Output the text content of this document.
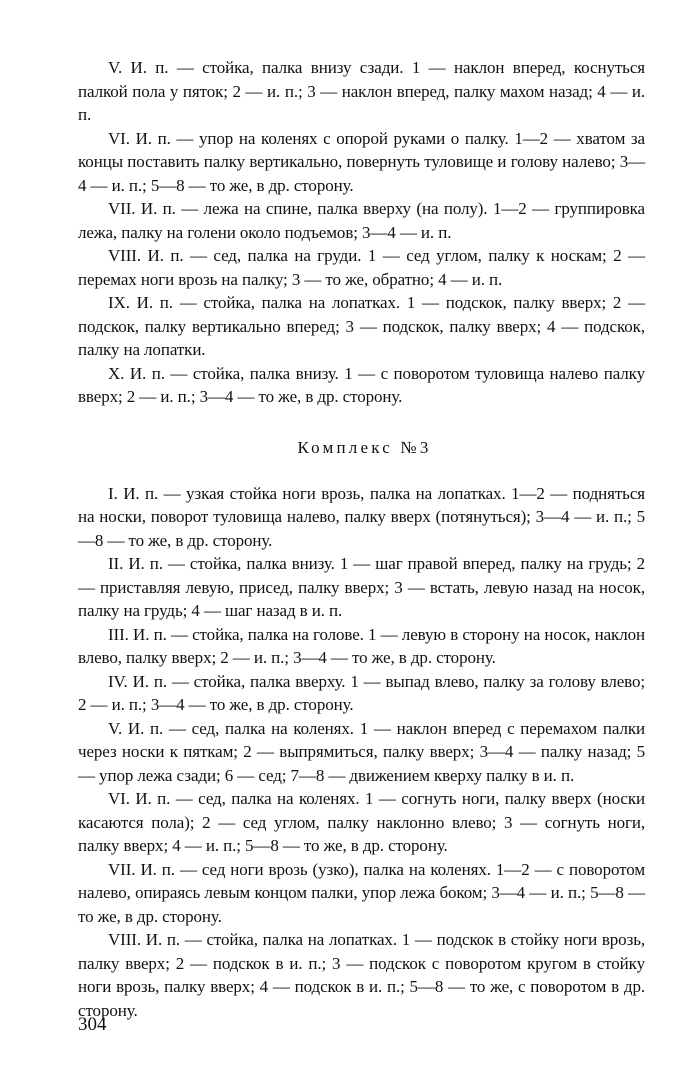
V. И. п. — стойка, палка внизу сзади. 1 — наклон вперед, коснуться палкой пола у пяток; 2 — и. п.; 3 — наклон вперед, палку махом назад; 4 — и. п.

VI. И. п. — упор на коленях с опорой руками о палку. 1—2 — хватом за концы поставить палку вертикально, повернуть туловище и голову налево; 3—4 — и. п.; 5—8 — то же, в др. сторону.

VII. И. п. — лежа на спине, палка вверху (на полу). 1—2 — группировка лежа, палку на голени около подъемов; 3—4 — и. п.

VIII. И. п. — сед, палка на груди. 1 — сед углом, палку к носкам; 2 — перемах ноги врозь на палку; 3 — то же, обратно; 4 — и. п.

IX. И. п. — стойка, палка на лопатках. 1 — подскок, палку вверх; 2 — подскок, палку вертикально вперед; 3 — подскок, палку вверх; 4 — подскок, палку на лопатки.

X. И. п. — стойка, палка внизу. 1 — с поворотом туловища налево палку вверх; 2 — и. п.; 3—4 — то же, в др. сторону.

Комплекс №3

I. И. п. — узкая стойка ноги врозь, палка на лопатках. 1—2 — подняться на носки, поворот туловища налево, палку вверх (потянуться); 3—4 — и. п.; 5—8 — то же, в др. сторону.

II. И. п. — стойка, палка внизу. 1 — шаг правой вперед, палку на грудь; 2 — приставляя левую, присед, палку вверх; 3 — встать, левую назад на носок, палку на грудь; 4 — шаг назад в и. п.

III. И. п. — стойка, палка на голове. 1 — левую в сторону на носок, наклон влево, палку вверх; 2 — и. п.; 3—4 — то же, в др. сторону.

IV. И. п. — стойка, палка вверху. 1 — выпад влево, палку за голову влево; 2 — и. п.; 3—4 — то же, в др. сторону.

V. И. п. — сед, палка на коленях. 1 — наклон вперед с перемахом палки через носки к пяткам; 2 — выпрямиться, палку вверх; 3—4 — палку назад; 5 — упор лежа сзади; 6 — сед; 7—8 — движением кверху палку в и. п.

VI. И. п. — сед, палка на коленях. 1 — согнуть ноги, палку вверх (носки касаются пола); 2 — сед углом, палку наклонно влево; 3 — согнуть ноги, палку вверх; 4 — и. п.; 5—8 — то же, в др. сторону.

VII. И. п. — сед ноги врозь (узко), палка на коленях. 1—2 — с поворотом налево, опираясь левым концом палки, упор лежа боком; 3—4 — и. п.; 5—8 — то же, в др. сторону.

VIII. И. п. — стойка, палка на лопатках. 1 — подскок в стойку ноги врозь, палку вверх; 2 — подскок в и. п.; 3 — подскок с поворотом кругом в стойку ноги врозь, палку вверх; 4 — подскок в и. п.; 5—8 — то же, с поворотом в др. сторону.

304
